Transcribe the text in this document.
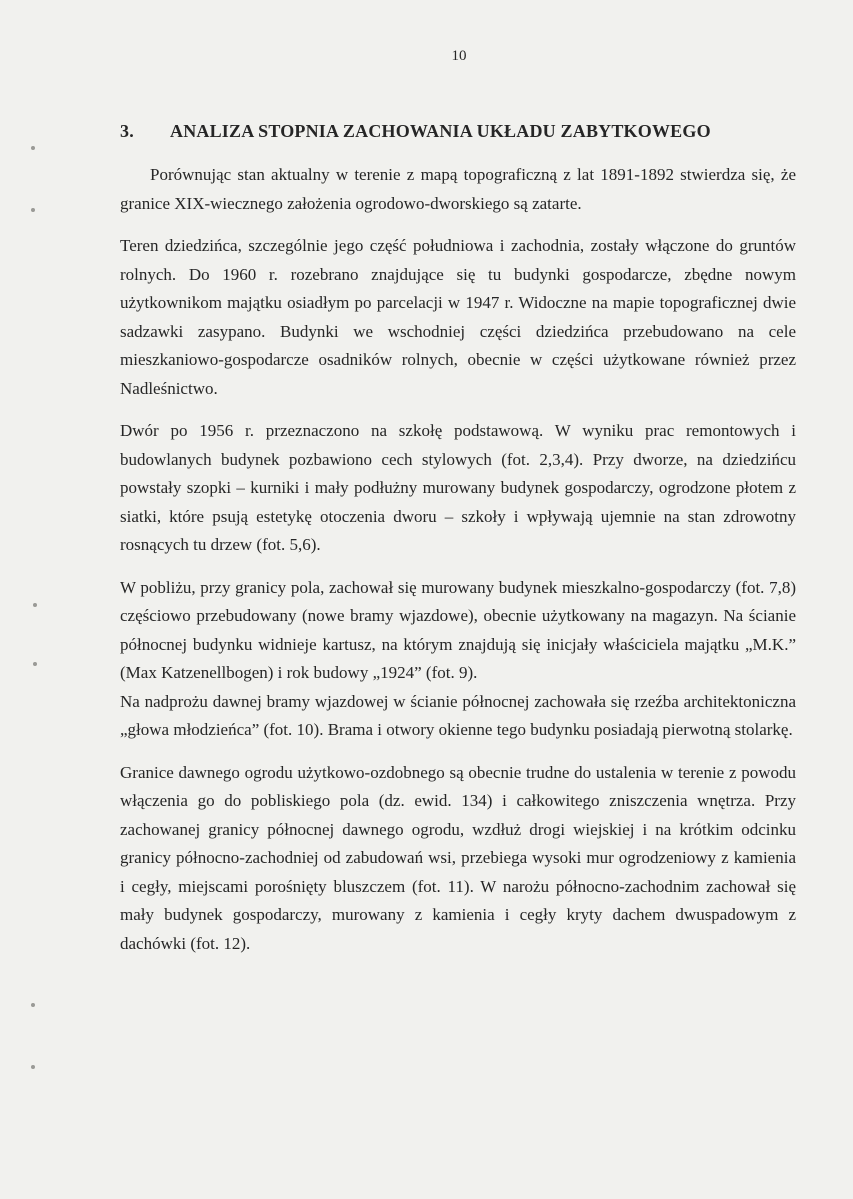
10
3. ANALIZA STOPNIA ZACHOWANIA UKŁADU ZABYTKOWEGO

Porównując stan aktualny w terenie z mapą topograficzną z lat 1891-1892 stwierdza się, że granice XIX-wiecznego założenia ogrodowo-dworskiego są zatarte.

Teren dziedzińca, szczególnie jego część południowa i zachodnia, zostały włączone do gruntów rolnych. Do 1960 r. rozebrano znajdujące się tu budynki gospodarcze, zbędne nowym użytkownikom majątku osiadłym po parcelacji w 1947 r. Widoczne na mapie topograficznej dwie sadzawki zasypano. Budynki we wschodniej części dziedzińca przebudowano na cele mieszkaniowo-gospodarcze osadników rolnych, obecnie w części użytkowane również przez Nadleśnictwo.

Dwór po 1956 r. przeznaczono na szkołę podstawową. W wyniku prac remontowych i budowlanych budynek pozbawiono cech stylowych (fot. 2,3,4). Przy dworze, na dziedzińcu powstały szopki – kurniki i mały podłużny murowany budynek gospodarczy, ogrodzone płotem z siatki, które psują estetykę otoczenia dworu – szkoły i wpływają ujemnie na stan zdrowotny rosnących tu drzew (fot. 5,6).

W pobliżu, przy granicy pola, zachował się murowany budynek mieszkalno-gospodarczy (fot. 7,8) częściowo przebudowany (nowe bramy wjazdowe), obecnie użytkowany na magazyn. Na ścianie północnej budynku widnieje kartusz, na którym znajdują się inicjały właściciela majątku „M.K.” (Max Katzenellbogen) i rok budowy „1924” (fot. 9).

Na nadprożu dawnej bramy wjazdowej w ścianie północnej zachowała się rzeźba architektoniczna „głowa młodzieńca” (fot. 10). Brama i otwory okienne tego budynku posiadają pierwotną stolarkę.

Granice dawnego ogrodu użytkowo-ozdobnego są obecnie trudne do ustalenia w terenie z powodu włączenia go do pobliskiego pola (dz. ewid. 134) i całkowitego zniszczenia wnętrza. Przy zachowanej granicy północnej dawnego ogrodu, wzdłuż drogi wiejskiej i na krótkim odcinku granicy północno-zachodniej od zabudowań wsi, przebiega wysoki mur ogrodzeniowy z kamienia i cegły, miejscami porośnięty bluszczem (fot. 11). W narożu północno-zachodnim zachował się mały budynek gospodarczy, murowany z kamienia i cegły kryty dachem dwuspadowym z dachówki (fot. 12).
